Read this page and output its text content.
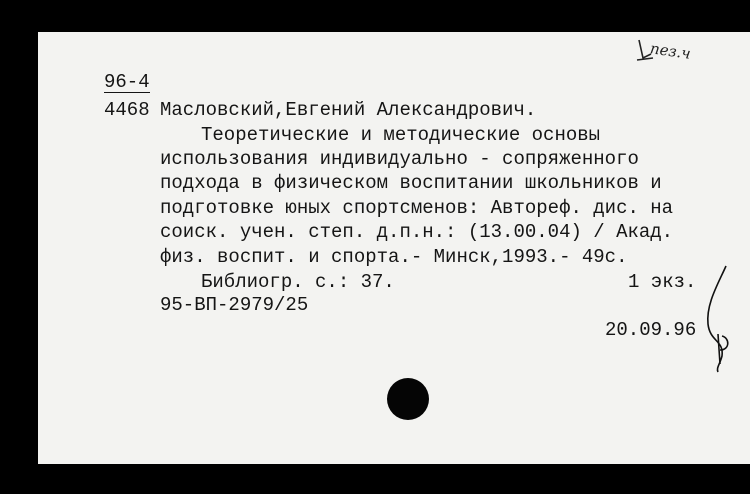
96-4
4468 Масловский,Евгений Александрович.
Теоретические и методические основы
использования индивидуально - сопряженного
подхода в физическом воспитании школьников и
подготовке юных спортсменов: Автореф. дис. на
соиск. учен. степ. д.п.н.: (13.00.04) / Акад.
физ. воспит. и спорта.- Минск,1993.- 49с.
Библиогр. с.: 37.	1 экз.
95-ВП-2979/25
20.09.96
пез.ч
